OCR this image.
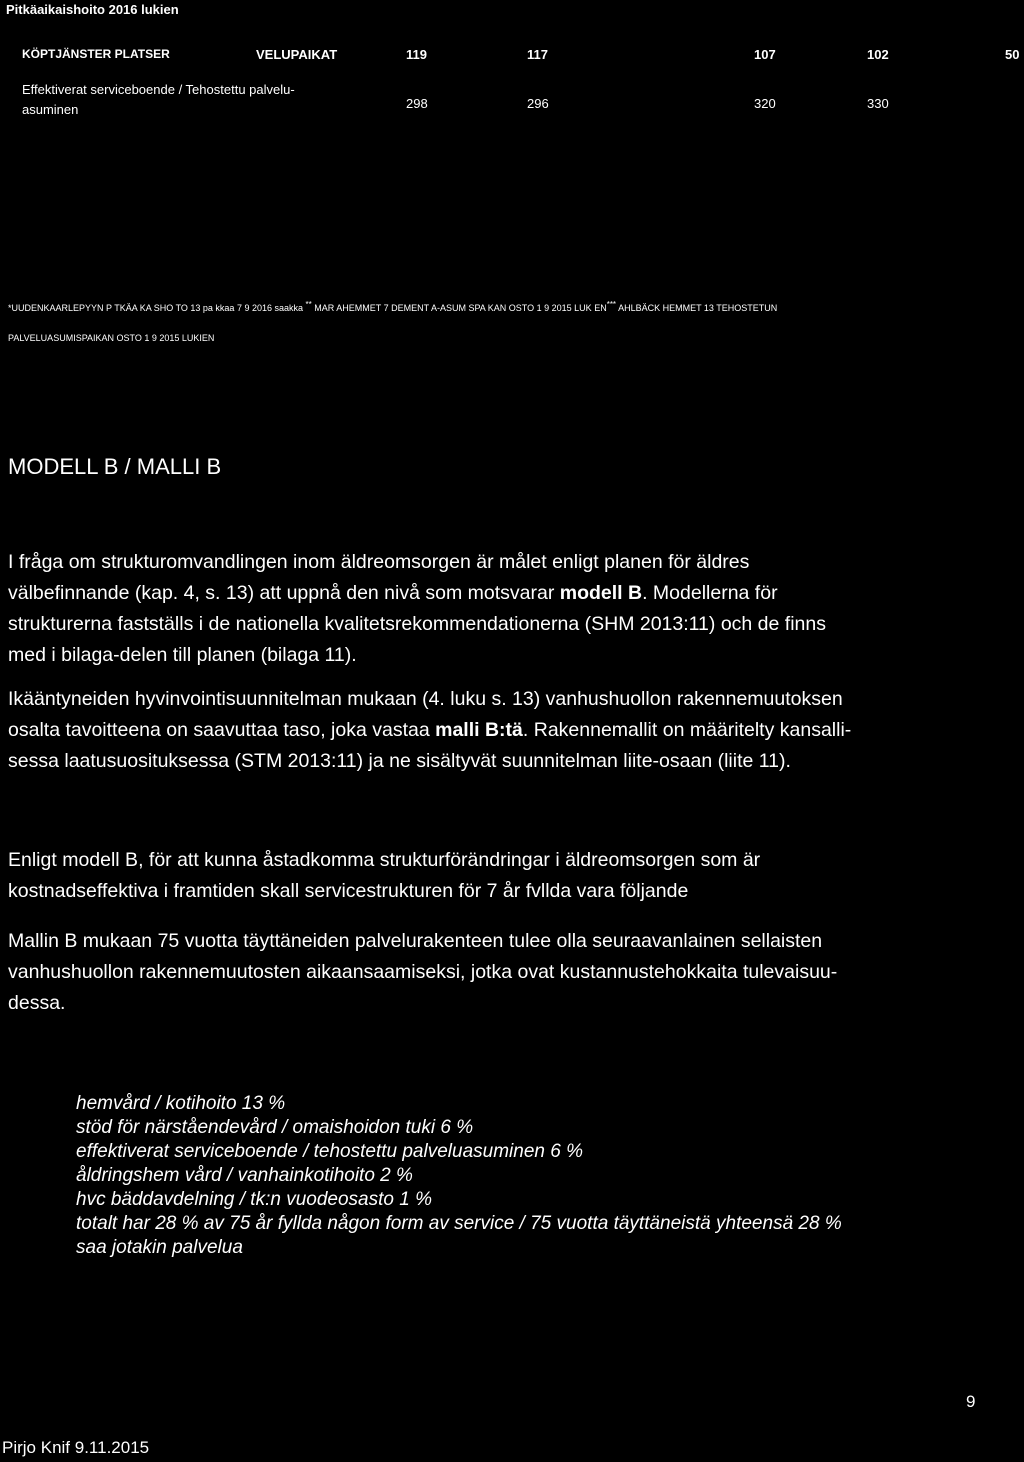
Pitkäaikaishoito 2016 lukien
KÖPTJÄNSTER PLATSER	VELUPAIKAT	119	117	107	102	50
Effektiverat serviceboende / Tehostettu palvelu-
asuminen	298	296	320	330
*UUDENKAARLEPYYN P TKÄA KA SHO TO 13 pa kkaa 7 9 2016 saakka ** MAR AHEMMET 7 DEMENT A-ASUM SPA KAN OSTO 1 9 2015 LUK EN*** AHLBÄCK HEMMET 13 TEHOSTETUN
PALVELUASUMISPAIKAN OSTO 1 9 2015 LUKIEN
MODELL B / MALLI B

I fråga om strukturomvandlingen inom äldreomsorgen är målet enligt planen för äldres

välbefinnande (kap. 4, s. 13) att uppnå den nivå som motsvarar modell B. Modellerna för

strukturerna fastställs i de nationella kvalitetsrekommendationerna (SHM 2013:11) och de finns

med i bilaga-delen till planen (bilaga 11).

Ikääntyneiden hyvinvointisuunnitelman mukaan (4. luku s. 13) vanhushuollon rakennemuutoksen

osalta tavoitteena on saavuttaa taso, joka vastaa malli B:tä. Rakennemallit on määritelty kansalli-

sessa laatusuosituksessa (STM 2013:11) ja ne sisältyvät suunnitelman liite-osaan (liite 11).

Enligt modell B, för att kunna åstadkomma strukturförändringar i äldreomsorgen som är

kostnadseffektiva i framtiden skall servicestrukturen för 7 år fvllda vara följande

Mallin B mukaan 75 vuotta täyttäneiden palvelurakenteen tulee olla seuraavanlainen sellaisten

vanhushuollon rakennemuutosten aikaansaamiseksi, jotka ovat kustannustehokkaita tulevaisuu-

dessa.

hemvård / kotihoito 13 %
stöd för närståendevård / omaishoidon tuki 6 %
effektiverat serviceboende / tehostettu palveluasuminen 6 %
åldringshem vård / vanhainkotihoito 2 %
hvc bäddavdelning / tk:n vuodeosasto 1 %
totalt har 28 % av 75 år fyllda någon form av service / 75 vuotta täyttäneistä yhteensä 28 %
saa jotakin palvelua
9
Pirjo Knif 9.11.2015
